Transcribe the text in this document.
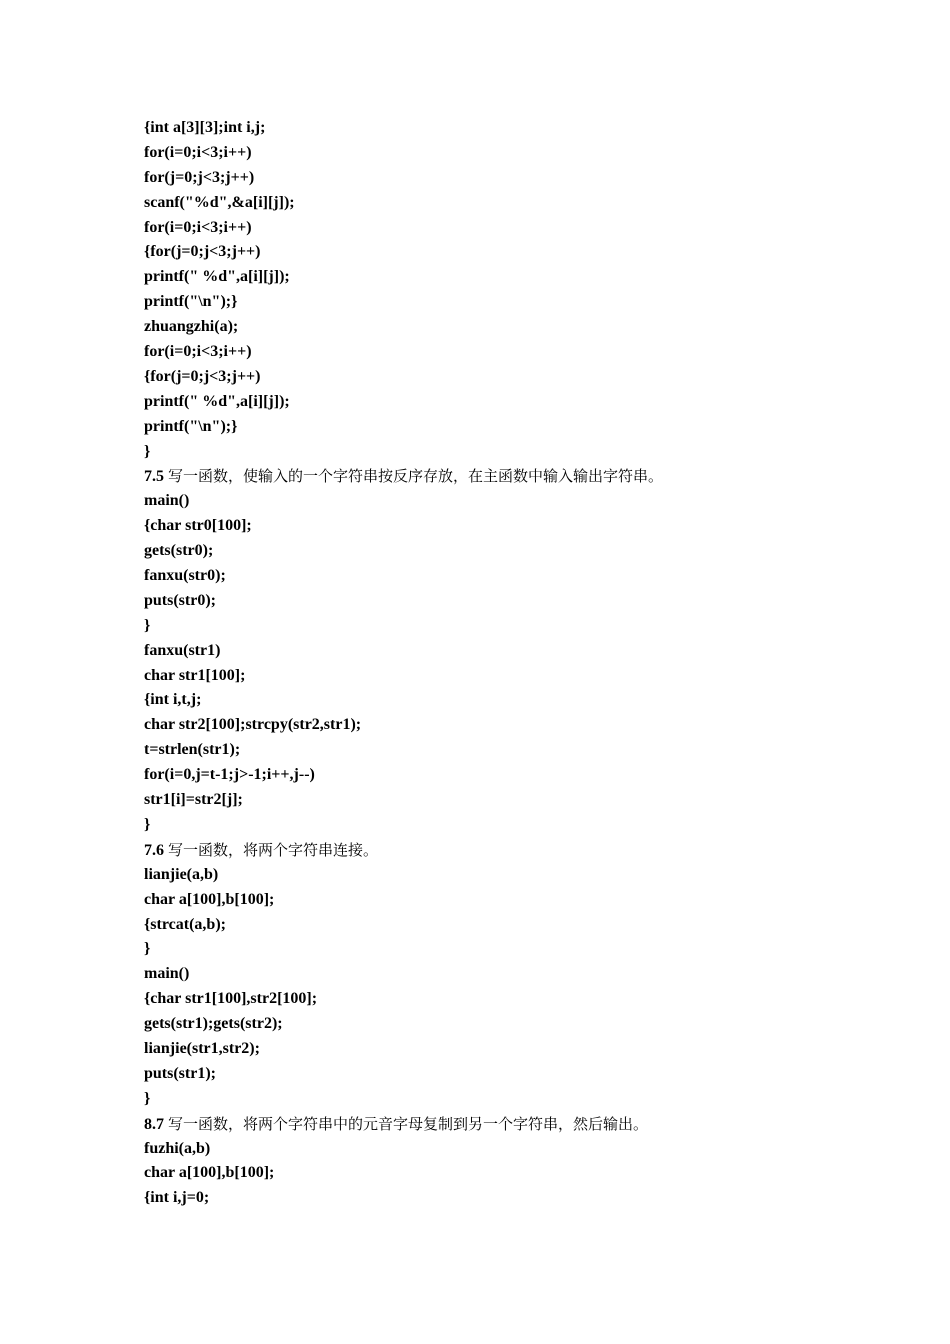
{int a[3][3];int i,j;
for(i=0;i<3;i++)
for(j=0;j<3;j++)
scanf("%d",&a[i][j]);
for(i=0;i<3;i++)
{for(j=0;j<3;j++)
printf(" %d",a[i][j]);
printf("\n");}
zhuangzhi(a);
for(i=0;i<3;i++)
{for(j=0;j<3;j++)
printf(" %d",a[i][j]);
printf("\n");}
}
7.5 写一函数，使输入的一个字符串按反序存放，在主函数中输入输出字符串。
main()
{char str0[100];
gets(str0);
fanxu(str0);
puts(str0);
}
fanxu(str1)
char str1[100];
{int i,t,j;
char str2[100];strcpy(str2,str1);
t=strlen(str1);
for(i=0,j=t-1;j>-1;i++,j--)
str1[i]=str2[j];
}
7.6 写一函数，将两个字符串连接。
lianjie(a,b)
char a[100],b[100];
{strcat(a,b);
}
main()
{char str1[100],str2[100];
gets(str1);gets(str2);
lianjie(str1,str2);
puts(str1);
}
8.7 写一函数，将两个字符串中的元音字母复制到另一个字符串，然后输出。
fuzhi(a,b)
char a[100],b[100];
{int i,j=0;
